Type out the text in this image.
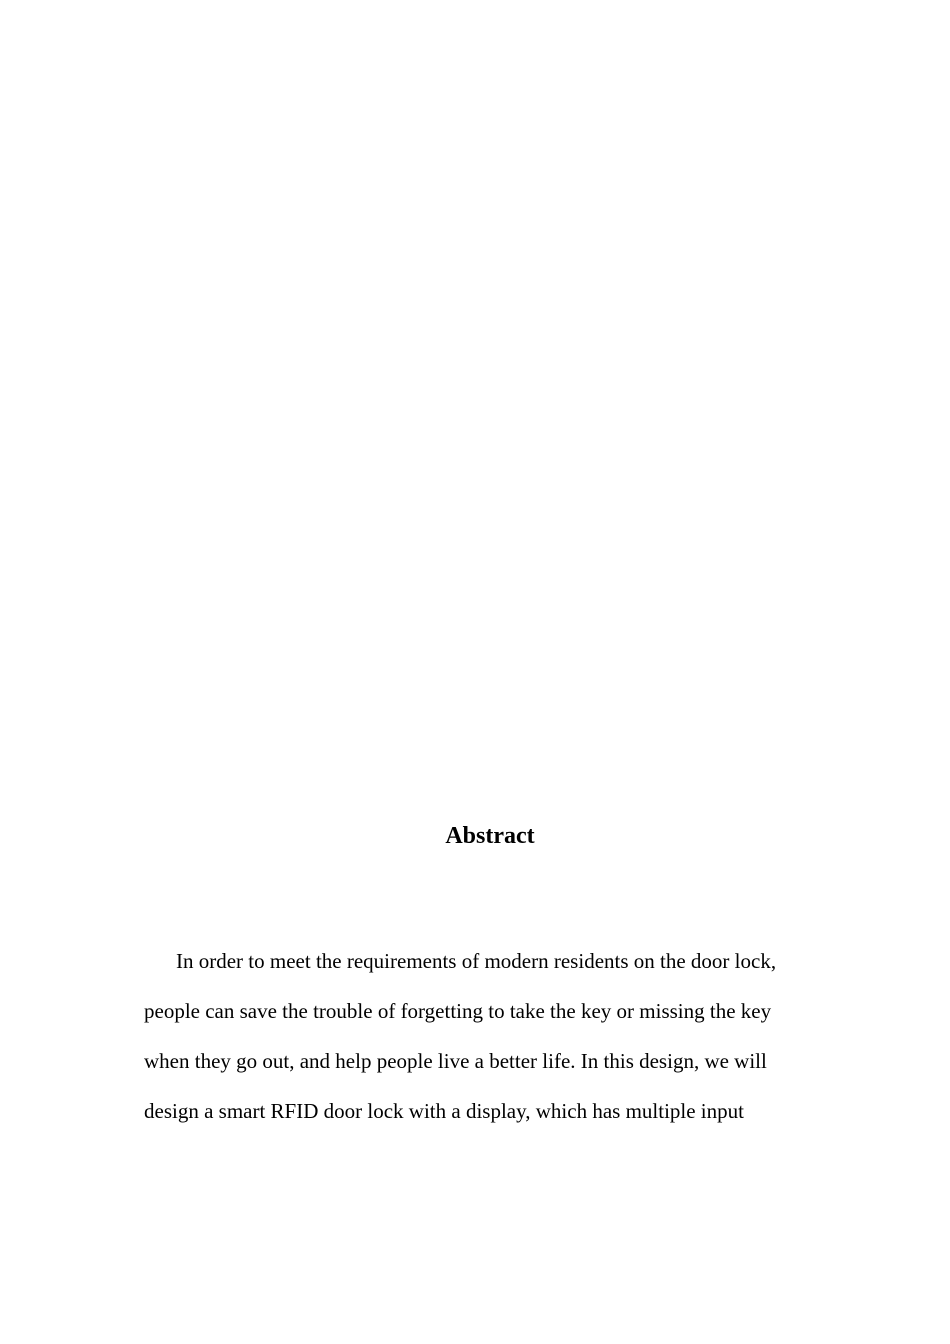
Abstract
In order to meet the requirements of modern residents on the door lock,
people can save the trouble of forgetting to take the key or missing the key
when they go out, and help people live a better life. In this design, we will
design a smart RFID door lock with a display, which has multiple input
